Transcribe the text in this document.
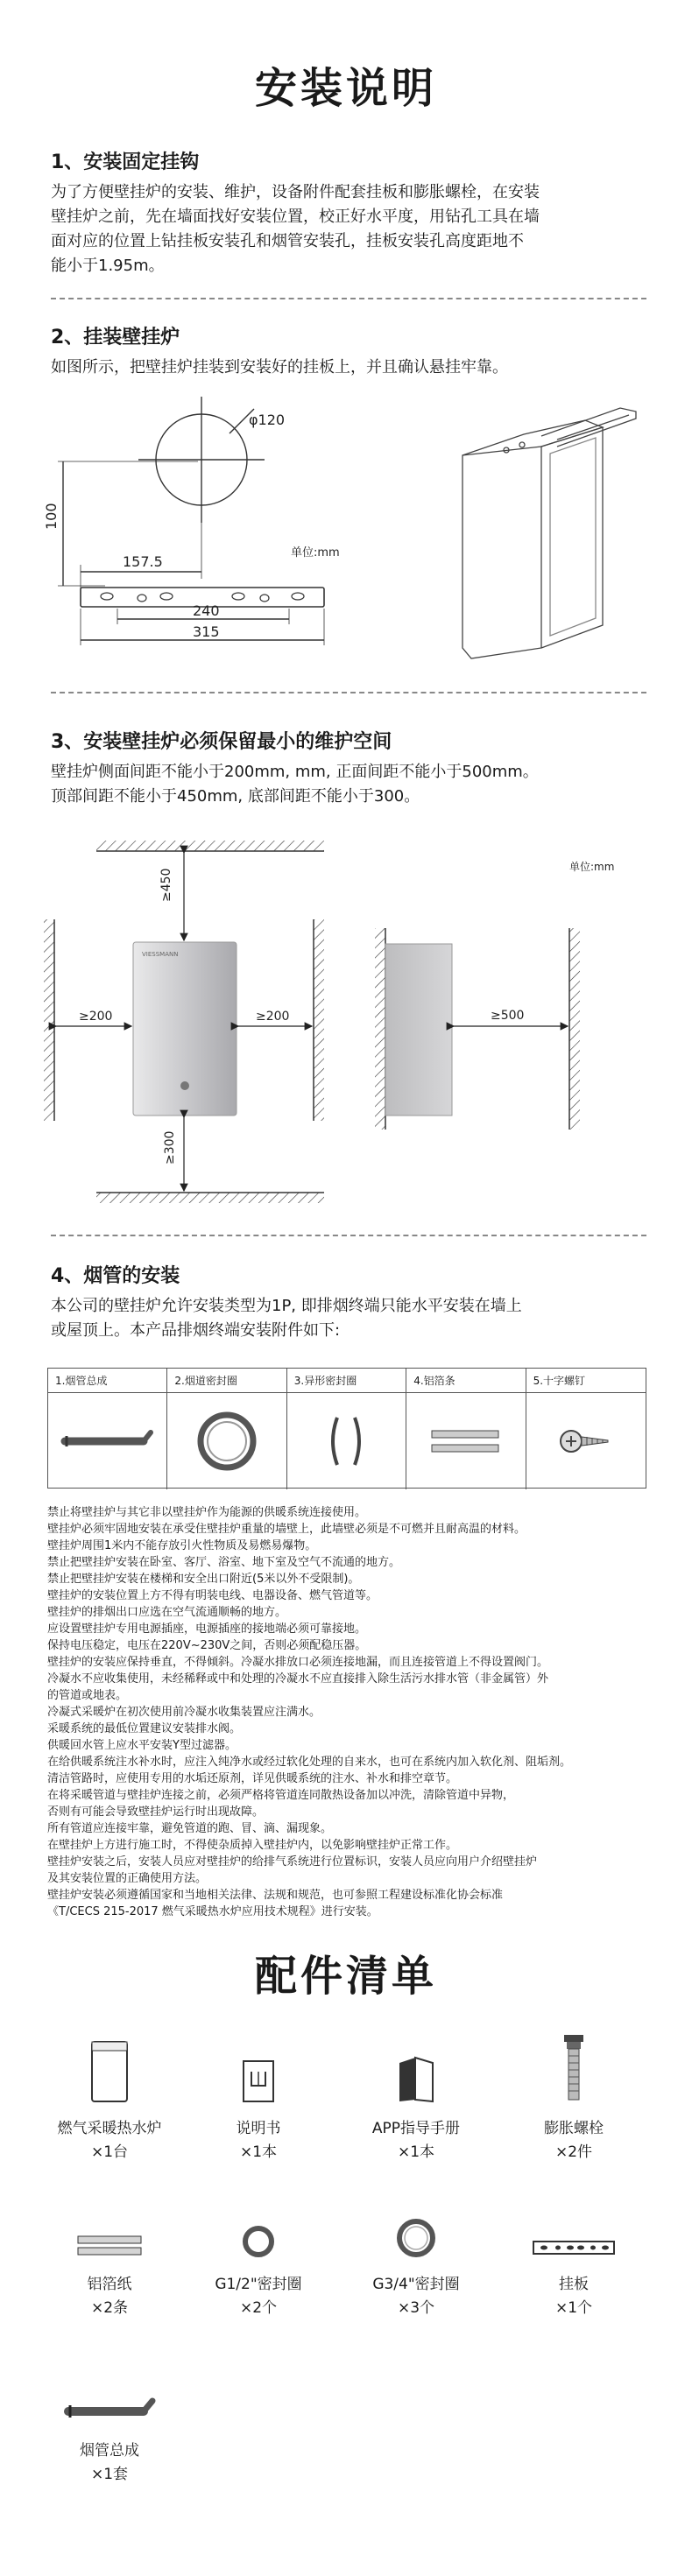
安装说明
1、安装固定挂钩
为了方便壁挂炉的安装、维护，设备附件配套挂板和膨胀螺栓，在安装
壁挂炉之前，先在墙面找好安装位置，校正好水平度，用钻孔工具在墙
面对应的位置上钻挂板安装孔和烟管安装孔，挂板安装孔高度距地不
能小于1.95m。
2、挂装壁挂炉
如图所示，把壁挂炉挂装到安装好的挂板上，并且确认悬挂牢靠。
φ120
100
157.5
240
315
单位:mm
3、安装壁挂炉必须保留最小的维护空间
壁挂炉侧面间距不能小于200mm, mm, 正面间距不能小于500mm。
顶部间距不能小于450mm, 底部间距不能小于300。
VIESSMANN
≥450
≥200	≥200
≥300
≥500
单位:mm
4、烟管的安装
本公司的壁挂炉允许安装类型为1P, 即排烟终端只能水平安装在墙上
或屋顶上。本产品排烟终端安装附件如下:
1.烟管总成	2.烟道密封圈	3.异形密封圈	4.铝箔条	5.十字螺钉

禁止将壁挂炉与其它非以壁挂炉作为能源的供暖系统连接使用。

壁挂炉必须牢固地安装在承受住壁挂炉重量的墙壁上，此墙壁必须是不可燃并且耐高温的材料。

壁挂炉周围1米内不能存放引火性物质及易燃易爆物。

禁止把壁挂炉安装在卧室、客厅、浴室、地下室及空气不流通的地方。

禁止把壁挂炉安装在楼梯和安全出口附近(5米以外不受限制)。

壁挂炉的安装位置上方不得有明装电线、电器设备、燃气管道等。

壁挂炉的排烟出口应选在空气流通顺畅的地方。

应设置壁挂炉专用电源插座，电源插座的接地端必须可靠接地。

保持电压稳定，电压在220V~230V之间，否则必须配稳压器。

壁挂炉的安装应保持垂直，不得倾斜。冷凝水排放口必须连接地漏，而且连接管道上不得设置阀门。

冷凝水不应收集使用，未经稀释或中和处理的冷凝水不应直接排入除生活污水排水管（非金属管）外

的管道或地表。

冷凝式采暖炉在初次使用前冷凝水收集装置应注满水。

采暖系统的最低位置建议安装排水阀。

供暖回水管上应水平安装Y型过滤器。

在给供暖系统注水补水时，应注入纯净水或经过软化处理的自来水，也可在系统内加入软化剂、阻垢剂。

清洁管路时，应使用专用的水垢还原剂，详见供暖系统的注水、补水和排空章节。

在将采暖管道与壁挂炉连接之前，必须严格将管道连同散热设备加以冲洗，清除管道中异物，

否则有可能会导致壁挂炉运行时出现故障。

所有管道应连接牢靠，避免管道的跑、冒、滴、漏现象。

在壁挂炉上方进行施工时，不得使杂质掉入壁挂炉内，以免影响壁挂炉正常工作。

壁挂炉安装之后，安装人员应对壁挂炉的给排气系统进行位置标识，安装人员应向用户介绍壁挂炉

及其安装位置的正确使用方法。

壁挂炉安装必须遵循国家和当地相关法律、法规和规范，也可参照工程建设标准化协会标准

《T/CECS 215-2017 燃气采暖热水炉应用技术规程》进行安装。

配件清单
燃气采暖热水炉
×1台
说明书
×1本
APP指导手册
×1本
膨胀螺栓
×2件
铝箔纸
×2条
G1/2"密封圈
×2个
G3/4"密封圈
×3个
挂板
×1个
烟管总成
×1套
